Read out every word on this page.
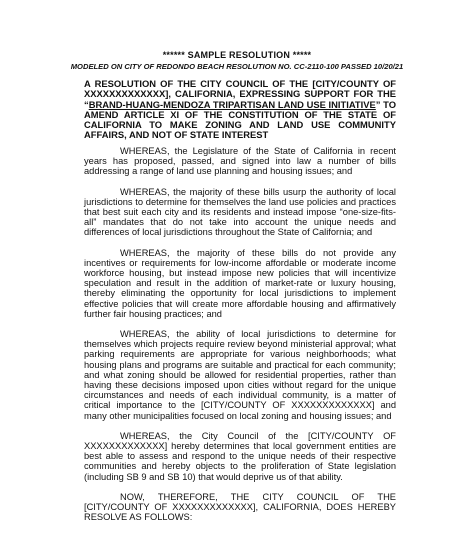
****** SAMPLE RESOLUTION *****
MODELED ON CITY OF REDONDO BEACH RESOLUTION NO. CC-2110-100 PASSED 10/20/21
A RESOLUTION OF THE CITY COUNCIL OF THE [CITY/COUNTY OF XXXXXXXXXXXXX], CALIFORNIA, EXPRESSING SUPPORT FOR THE “BRAND-HUANG-MENDOZA TRIPARTISAN LAND USE INITIATIVE” TO AMEND ARTICLE XI OF THE CONSTITUTION OF THE STATE OF CALIFORNIA TO MAKE ZONING AND LAND USE COMMUNITY AFFAIRS, AND NOT OF STATE INTEREST

WHEREAS, the Legislature of the State of California in recent years has proposed, passed, and signed into law a number of bills addressing a range of land use planning and housing issues; and

WHEREAS, the majority of these bills usurp the authority of local jurisdictions to determine for themselves the land use policies and practices that best suit each city and its residents and instead impose “one-size-fits-all” mandates that do not take into account the unique needs and differences of local jurisdictions throughout the State of California; and

WHEREAS, the majority of these bills do not provide any incentives or requirements for low-income affordable or moderate income workforce housing, but instead impose new policies that will incentivize speculation and result in the addition of market-rate or luxury housing, thereby eliminating the opportunity for local jurisdictions to implement effective policies that will create more affordable housing and affirmatively further fair housing practices; and

WHEREAS, the ability of local jurisdictions to determine for themselves which projects require review beyond ministerial approval; what parking requirements are appropriate for various neighborhoods; what housing plans and programs are suitable and practical for each community; and what zoning should be allowed for residential properties, rather than having these decisions imposed upon cities without regard for the unique circumstances and needs of each individual community, is a matter of critical importance to the [CITY/COUNTY OF XXXXXXXXXXXXX] and many other municipalities focused on local zoning and housing issues; and

WHEREAS, the City Council of the [CITY/COUNTY OF XXXXXXXXXXXXX] hereby determines that local government entities are best able to assess and respond to the unique needs of their respective communities and hereby objects to the proliferation of State legislation (including SB 9 and SB 10) that would deprive us of that ability.

NOW, THEREFORE, THE CITY COUNCIL OF THE [CITY/COUNTY OF XXXXXXXXXXXXX], CALIFORNIA, DOES HEREBY RESOLVE AS FOLLOWS:
